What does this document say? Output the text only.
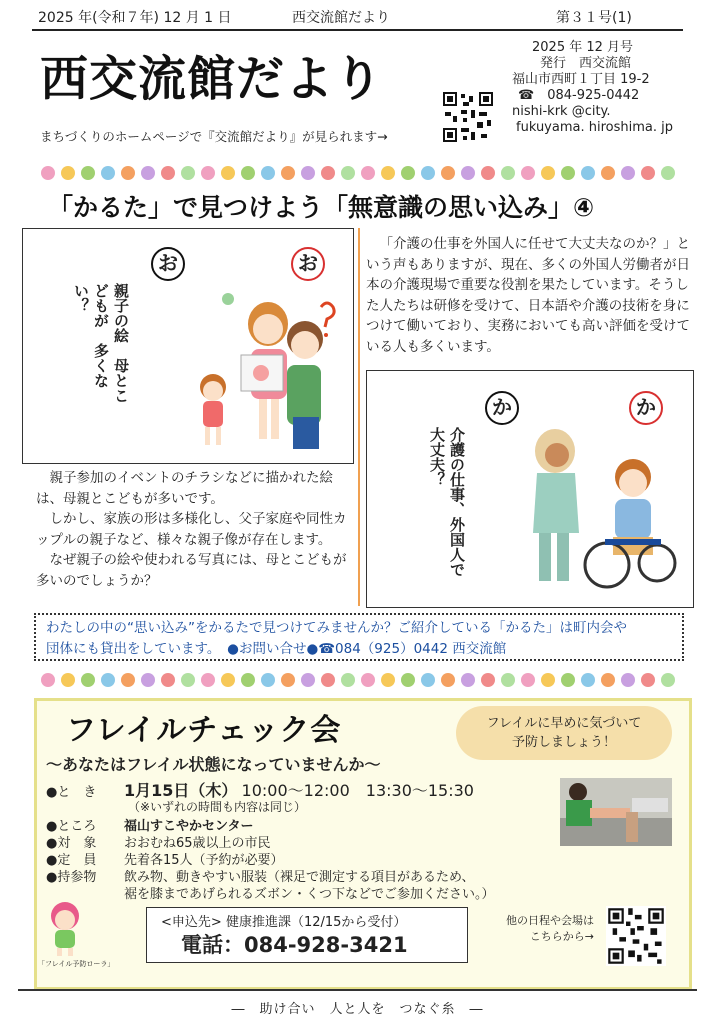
2025 年(令和７年) 12 月 1 日	西交流館だより	第３１号(1)
西交流館だより
まちづくりのホームページで『交流館だより』が見られます→
2025 年 12 月号
発行　西交流館
福山市西町１丁目 19-2
☎　084-925-0442
nishi-krk @city.
fukuyama. hiroshima. jp
「かるた」で見つけよう「無意識の思い込み」④
お	お
親子の絵　母とこどもが　多くない？

親子参加のイベントのチラシなどに描かれた絵は、母親とこどもが多いです。

しかし、家族の形は多様化し、父子家庭や同性カップルの親子など、様々な親子像が存在します。

なぜ親子の絵や使われる写真には、母とこどもが多いのでしょうか？

「介護の仕事を外国人に任せて大丈夫なのか？」という声もありますが、現在、多くの外国人労働者が日本の介護現場で重要な役割を果たしています。そうした人たちは研修を受けて、日本語や介護の技術を身につけて働いており、実務においても高い評価を受けている人も多くいます。

か	か
介護の仕事、外国人で大丈夫？
わたしの中の“思い込み”をかるたで見つけてみませんか？ご紹介している「かるた」は町内会や
団体にも貸出をしています。　●お問い合せ●☎084（925）0442 西交流館
フレイルチェック会
～あなたはフレイル状態になっていませんか～
フレイルに早めに気づいて
予防しましょう！
●と　き 1月15日（木） 10:00～12:00　13:30～15:30
（※いずれの時間も内容は同じ）
●ところ 福山すこやかセンター
●対　象 おおむね65歳以上の市民
●定　員 先着各15人（予約が必要）
●持参物 飲み物、動きやすい服装（裸足で測定する項目があるため、
裾を膝まであげられるズボン・くつ下などでご参加ください。）
「フレイル予防ローラ」
<申込先> 健康推進課（12/15から受付）
電話：084-928-3421
他の日程や会場は
こちらから→
―　助け合い　人と人を　つなぐ糸　―
